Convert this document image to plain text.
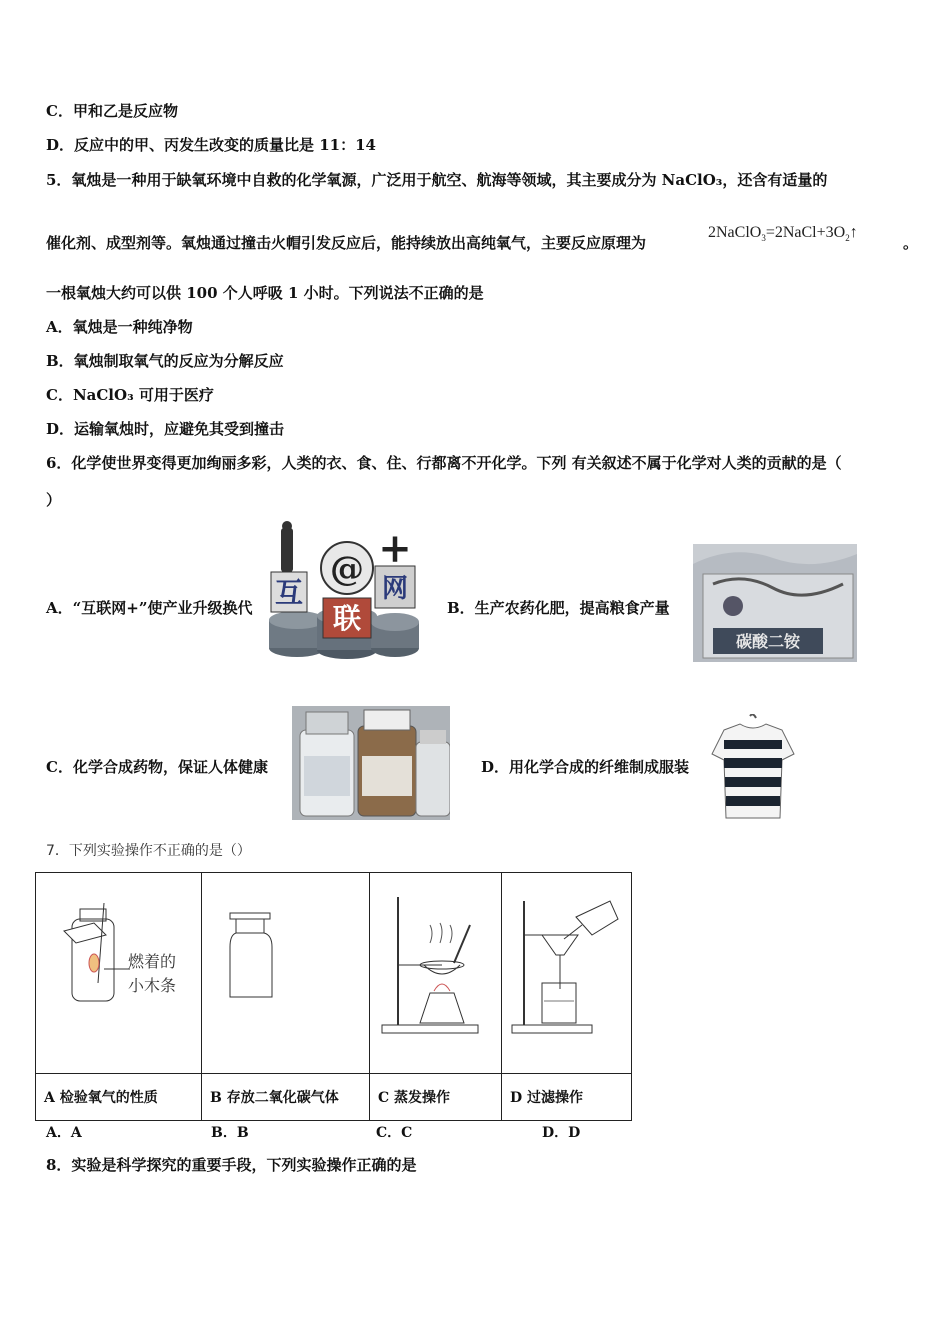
C．甲和乙是反应物
D．反应中的甲、丙发生改变的质量比是 11：14
5．氧烛是一种用于缺氧环境中自救的化学氧源，广泛用于航空、航海等领域，其主要成分为 NaClO₃，还含有适量的
催化剂、成型剂等。氧烛通过撞击火帽引发反应后，能持续放出高纯氧气，主要反应原理为
$2NaClO_3=2NaCl+3O_2↑$
。
一根氧烛大约可以供 100 个人呼吸 1 小时。下列说法不正确的是
A．氧烛是一种纯净物
B．氧烛制取氧气的反应为分解反应
C．NaClO₃ 可用于医疗
D．运输氧烛时，应避免其受到撞击
6．化学使世界变得更加绚丽多彩，人类的衣、食、住、行都离不开化学。下列 有关叙述不属于化学对人类的贡献的是（
）
A．“互联网+”使产业升级换代 互
@
联
网
+
B．生产农药化肥，提高粮食产量
碳酸二铵
C．化学合成药物，保证人体健康	D．用化学合成的纤维制成服装
7．下列实验操作不正确的是（）
燃着的
小木条

A 检验氧气的性质	B 存放二氧化碳气体	C 蒸发操作	D 过滤操作
A．A	B．B	C．C	D．D
8．实验是科学探究的重要手段，下列实验操作正确的是
